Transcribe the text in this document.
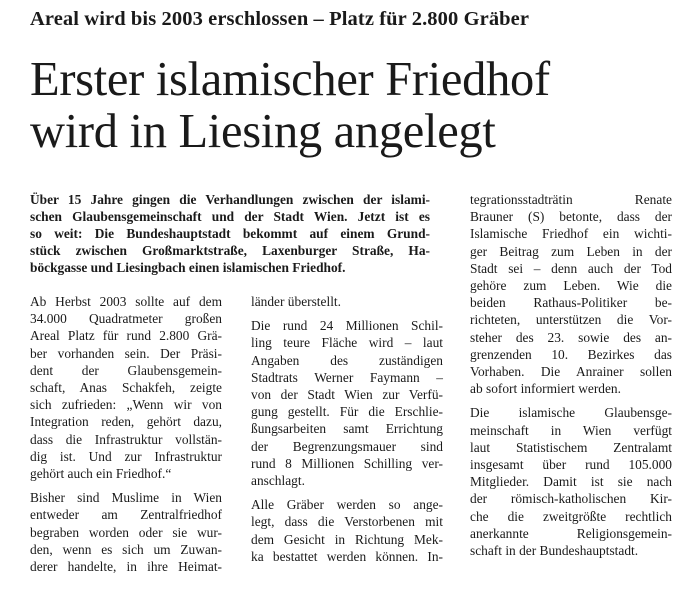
Areal wird bis 2003 erschlossen – Platz für 2.800 Gräber
Erster islamischer Friedhof
wird in Liesing angelegt
Über 15 Jahre gingen die Verhandlungen zwischen der islami-
schen Glaubensgemeinschaft und der Stadt Wien. Jetzt ist es
so weit: Die Bundeshauptstadt bekommt auf einem Grund-
stück zwischen Großmarktstraße, Laxenburger Straße, Ha-
böckgasse und Liesingbach einen islamischen Friedhof.

Ab Herbst 2003 sollte auf dem
34.000 Quadratmeter großen
Areal Platz für rund 2.800 Grä-
ber vorhanden sein. Der Präsi-
dent der Glaubensgemein-
schaft, Anas Schakfeh, zeigte
sich zufrieden: „Wenn wir von
Integration reden, gehört dazu,
dass die Infrastruktur vollstän-
dig ist. Und zur Infrastruktur
gehört auch ein Friedhof.“

Bisher sind Muslime in Wien
entweder am Zentralfriedhof
begraben worden oder sie wur-
den, wenn es sich um Zuwan-
derer handelte, in ihre Heimat-

länder überstellt.

Die rund 24 Millionen Schil-
ling teure Fläche wird – laut
Angaben des zuständigen
Stadtrats Werner Faymann –
von der Stadt Wien zur Verfü-
gung gestellt. Für die Erschlie-
ßungsarbeiten samt Errichtung
der Begrenzungsmauer sind
rund 8 Millionen Schilling ver-
anschlagt.

Alle Gräber werden so ange-
legt, dass die Verstorbenen mit
dem Gesicht in Richtung Mek-
ka bestattet werden können. In-

tegrationsstadträtin Renate
Brauner (S) betonte, dass der
Islamische Friedhof ein wichti-
ger Beitrag zum Leben in der
Stadt sei – denn auch der Tod
gehöre zum Leben. Wie die
beiden Rathaus-Politiker be-
richteten, unterstützen die Vor-
steher des 23. sowie des an-
grenzenden 10. Bezirkes das
Vorhaben. Die Anrainer sollen
ab sofort informiert werden.

Die islamische Glaubensge-
meinschaft in Wien verfügt
laut Statistischem Zentralamt
insgesamt über rund 105.000
Mitglieder. Damit ist sie nach
der römisch-katholischen Kir-
che die zweitgrößte rechtlich
anerkannte Religionsgemein-
schaft in der Bundeshauptstadt.
